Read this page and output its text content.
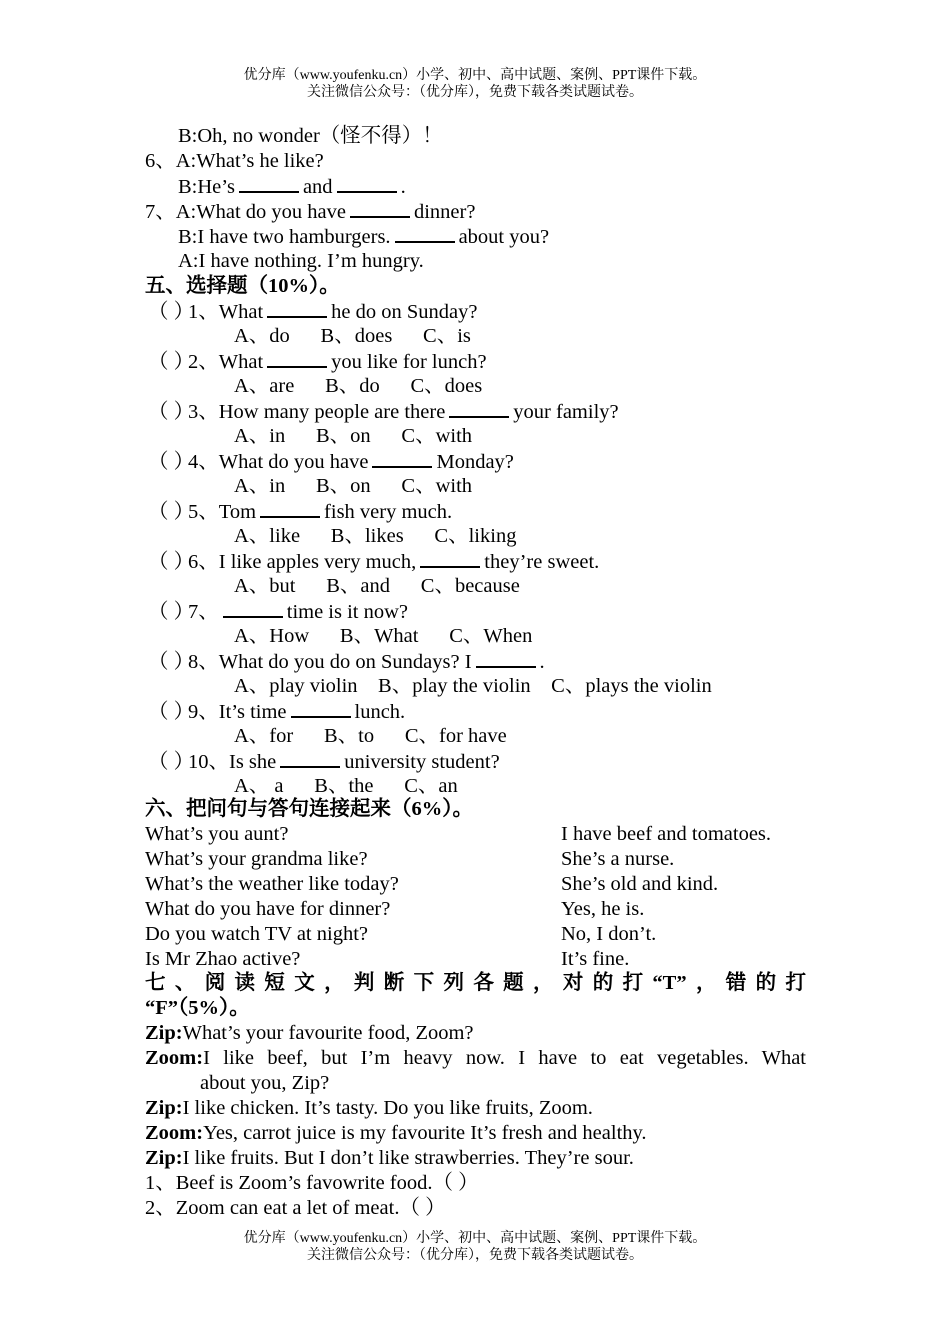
优分库（www.youfenku.cn）小学、初中、高中试题、案例、PPT课件下载。
关注微信公众号：（优分库），免费下载各类试题试卷。
B:Oh, no wonder（怪不得）！
6、A:What’s he like?
B:He’s	and	.
7、A:What do you have	dinner?
B:I have two hamburgers.	about you?
A:I have nothing. I’m hungry.
五、选择题（10%）。
（ ）1、What	he do on Sunday?
A、do      B、does      C、is
（ ）2、What	you like for lunch?
A、are      B、do      C、does
（ ）3、How many people are there	your family?
A、in      B、on      C、with
（ ）4、What do you have	Monday?
A、in      B、on      C、with
（ ）5、Tom	fish very much.
A、like      B、likes      C、liking
（ ）6、I like apples very much,	they’re sweet.
A、but      B、and      C、because
（ ）7、	time is it now?
A、How      B、What      C、When
（ ）8、What do you do on Sundays? I	.
A、play violin    B、play the violin    C、plays the violin
（ ）9、It’s time	lunch.
A、for      B、to      C、for have
（ ）10、Is she	university student?
A、 a      B、the      C、an
六、把问句与答句连接起来（6%）。
What’s you aunt?	I have beef and tomatoes.
What’s your grandma like?	She’s a nurse.
What’s the weather like today?	She’s old and kind.
What do you have for dinner?	Yes, he is.
Do you watch TV at night?	No, I don’t.
Is Mr Zhao active?	It’s fine.
七、阅读短文，判断下列各题，对的打“T”，错的打
“F”（5%）。
Zip:What’s your favourite food, Zoom?
Zoom:I like beef, but I’m heavy now. I have to eat vegetables. What
about you, Zip?
Zip:I like chicken. It’s tasty. Do you like fruits, Zoom.
Zoom:Yes, carrot juice is my favourite It’s fresh and healthy.
Zip:I like fruits. But I don’t like strawberries. They’re sour.
1、Beef is Zoom’s favowrite food.（ ）
2、Zoom can eat a let of meat.（ ）
优分库（www.youfenku.cn）小学、初中、高中试题、案例、PPT课件下载。
关注微信公众号：（优分库），免费下载各类试题试卷。
